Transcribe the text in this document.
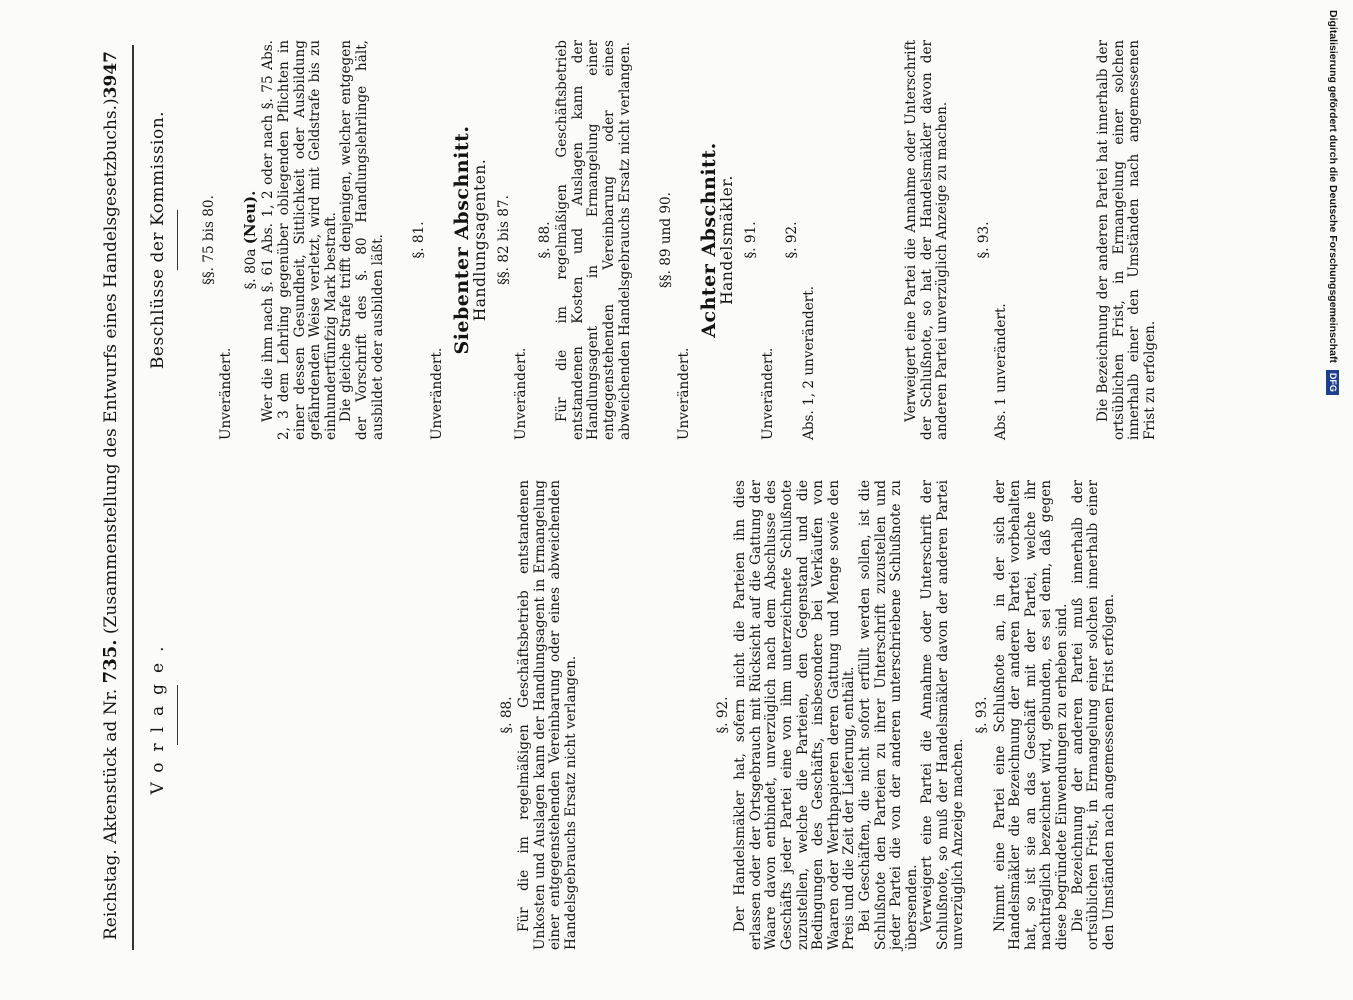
Reichstag. Aktenstück ad Nr. 735. (Zusammenstellung des Entwurfs eines Handelsgesetzbuchs.)
3947
Vorlage.	§. 88. Für die im regelmäßigen Geschäftsbetrieb entstandenen Unkosten und Auslagen kann der Handlungsagent in Ermangelung einer entgegenstehenden Vereinbarung oder eines abweichenden Handelsgebrauchs Ersatz nicht verlangen.	§. 92. Der Handelsmäkler hat, sofern nicht die Parteien ihn dies erlassen oder der Ortsgebrauch mit Rücksicht auf die Gattung der Waare davon entbindet, unverzüglich nach dem Abschlusse des Geschäfts jeder Partei eine von ihm unterzeichnete Schlußnote zuzustellen, welche die Parteien, den Gegenstand und die Bedingungen des Geschäfts, insbesondere bei Verkäufen von Waaren oder Werthpapieren deren Gattung und Menge sowie den Preis und die Zeit der Lieferung, enthält. Bei Geschäften, die nicht sofort erfüllt werden sollen, ist die Schlußnote den Parteien zu ihrer Unterschrift zuzustellen und jeder Partei die von der anderen unterschriebene Schlußnote zu übersenden. Verweigert eine Partei die Annahme oder Unterschrift der Schlußnote, so muß der Handelsmäkler davon der anderen Partei unverzüglich Anzeige machen.
§. 93. Nimmt eine Partei eine Schlußnote an, in der sich der Handelsmäkler die Bezeichnung der anderen Partei vorbehalten hat, so ist sie an das Geschäft mit der Partei, welche ihr nachträglich bezeichnet wird, gebunden, es sei denn, daß gegen diese begründete Einwendungen zu erheben sind. Die Bezeichnung der anderen Partei muß innerhalb der ortsüblichen Frist, in Ermangelung einer solchen innerhalb einer den Umständen nach angemessenen Frist erfolgen.
Beschlüsse der Kommission. §§. 75 bis 80.
Unverändert.
§. 80a (Neu). Wer die ihm nach §. 61 Abs. 1, 2 oder nach §. 75 Abs. 2, 3 dem Lehrling gegenüber obliegenden Pflichten in einer dessen Gesundheit, Sittlichkeit oder Ausbildung gefährdenden Weise verletzt, wird mit Geldstrafe bis zu einhundertfünfzig Mark bestraft. Die gleiche Strafe trifft denjenigen, welcher entgegen der Vorschrift des §. 80 Handlungslehrlinge hält, ausbildet oder ausbilden läßt. §. 81.
Unverändert.
Siebenter Abschnitt.
Handlungsagenten. §§. 82 bis 87.
Unverändert.
§. 88. Für die im regelmäßigen Geschäftsbetrieb entstandenen Kosten und Auslagen kann der Handlungsagent in Ermangelung einer entgegenstehenden Vereinbarung oder eines abweichenden Handelsgebrauchs Ersatz nicht verlangen. §§. 89 und 90.
Unverändert.
Achter Abschnitt.
Handelsmäkler. §. 91.
Unverändert.
§. 92.
Abs. 1, 2 unverändert.	Verweigert eine Partei die Annahme oder Unterschrift der Schlußnote, so hat der Handelsmäkler davon der anderen Partei unverzüglich Anzeige zu machen. §. 93.
Abs. 1 unverändert.	Die Bezeichnung der anderen Partei hat innerhalb der ortsüblichen Frist, in Ermangelung einer solchen innerhalb einer den Umständen nach angemessenen Frist zu erfolgen.
Digitalisierung gefördert durch die Deutsche Forschungsgemeinschaft DFG
